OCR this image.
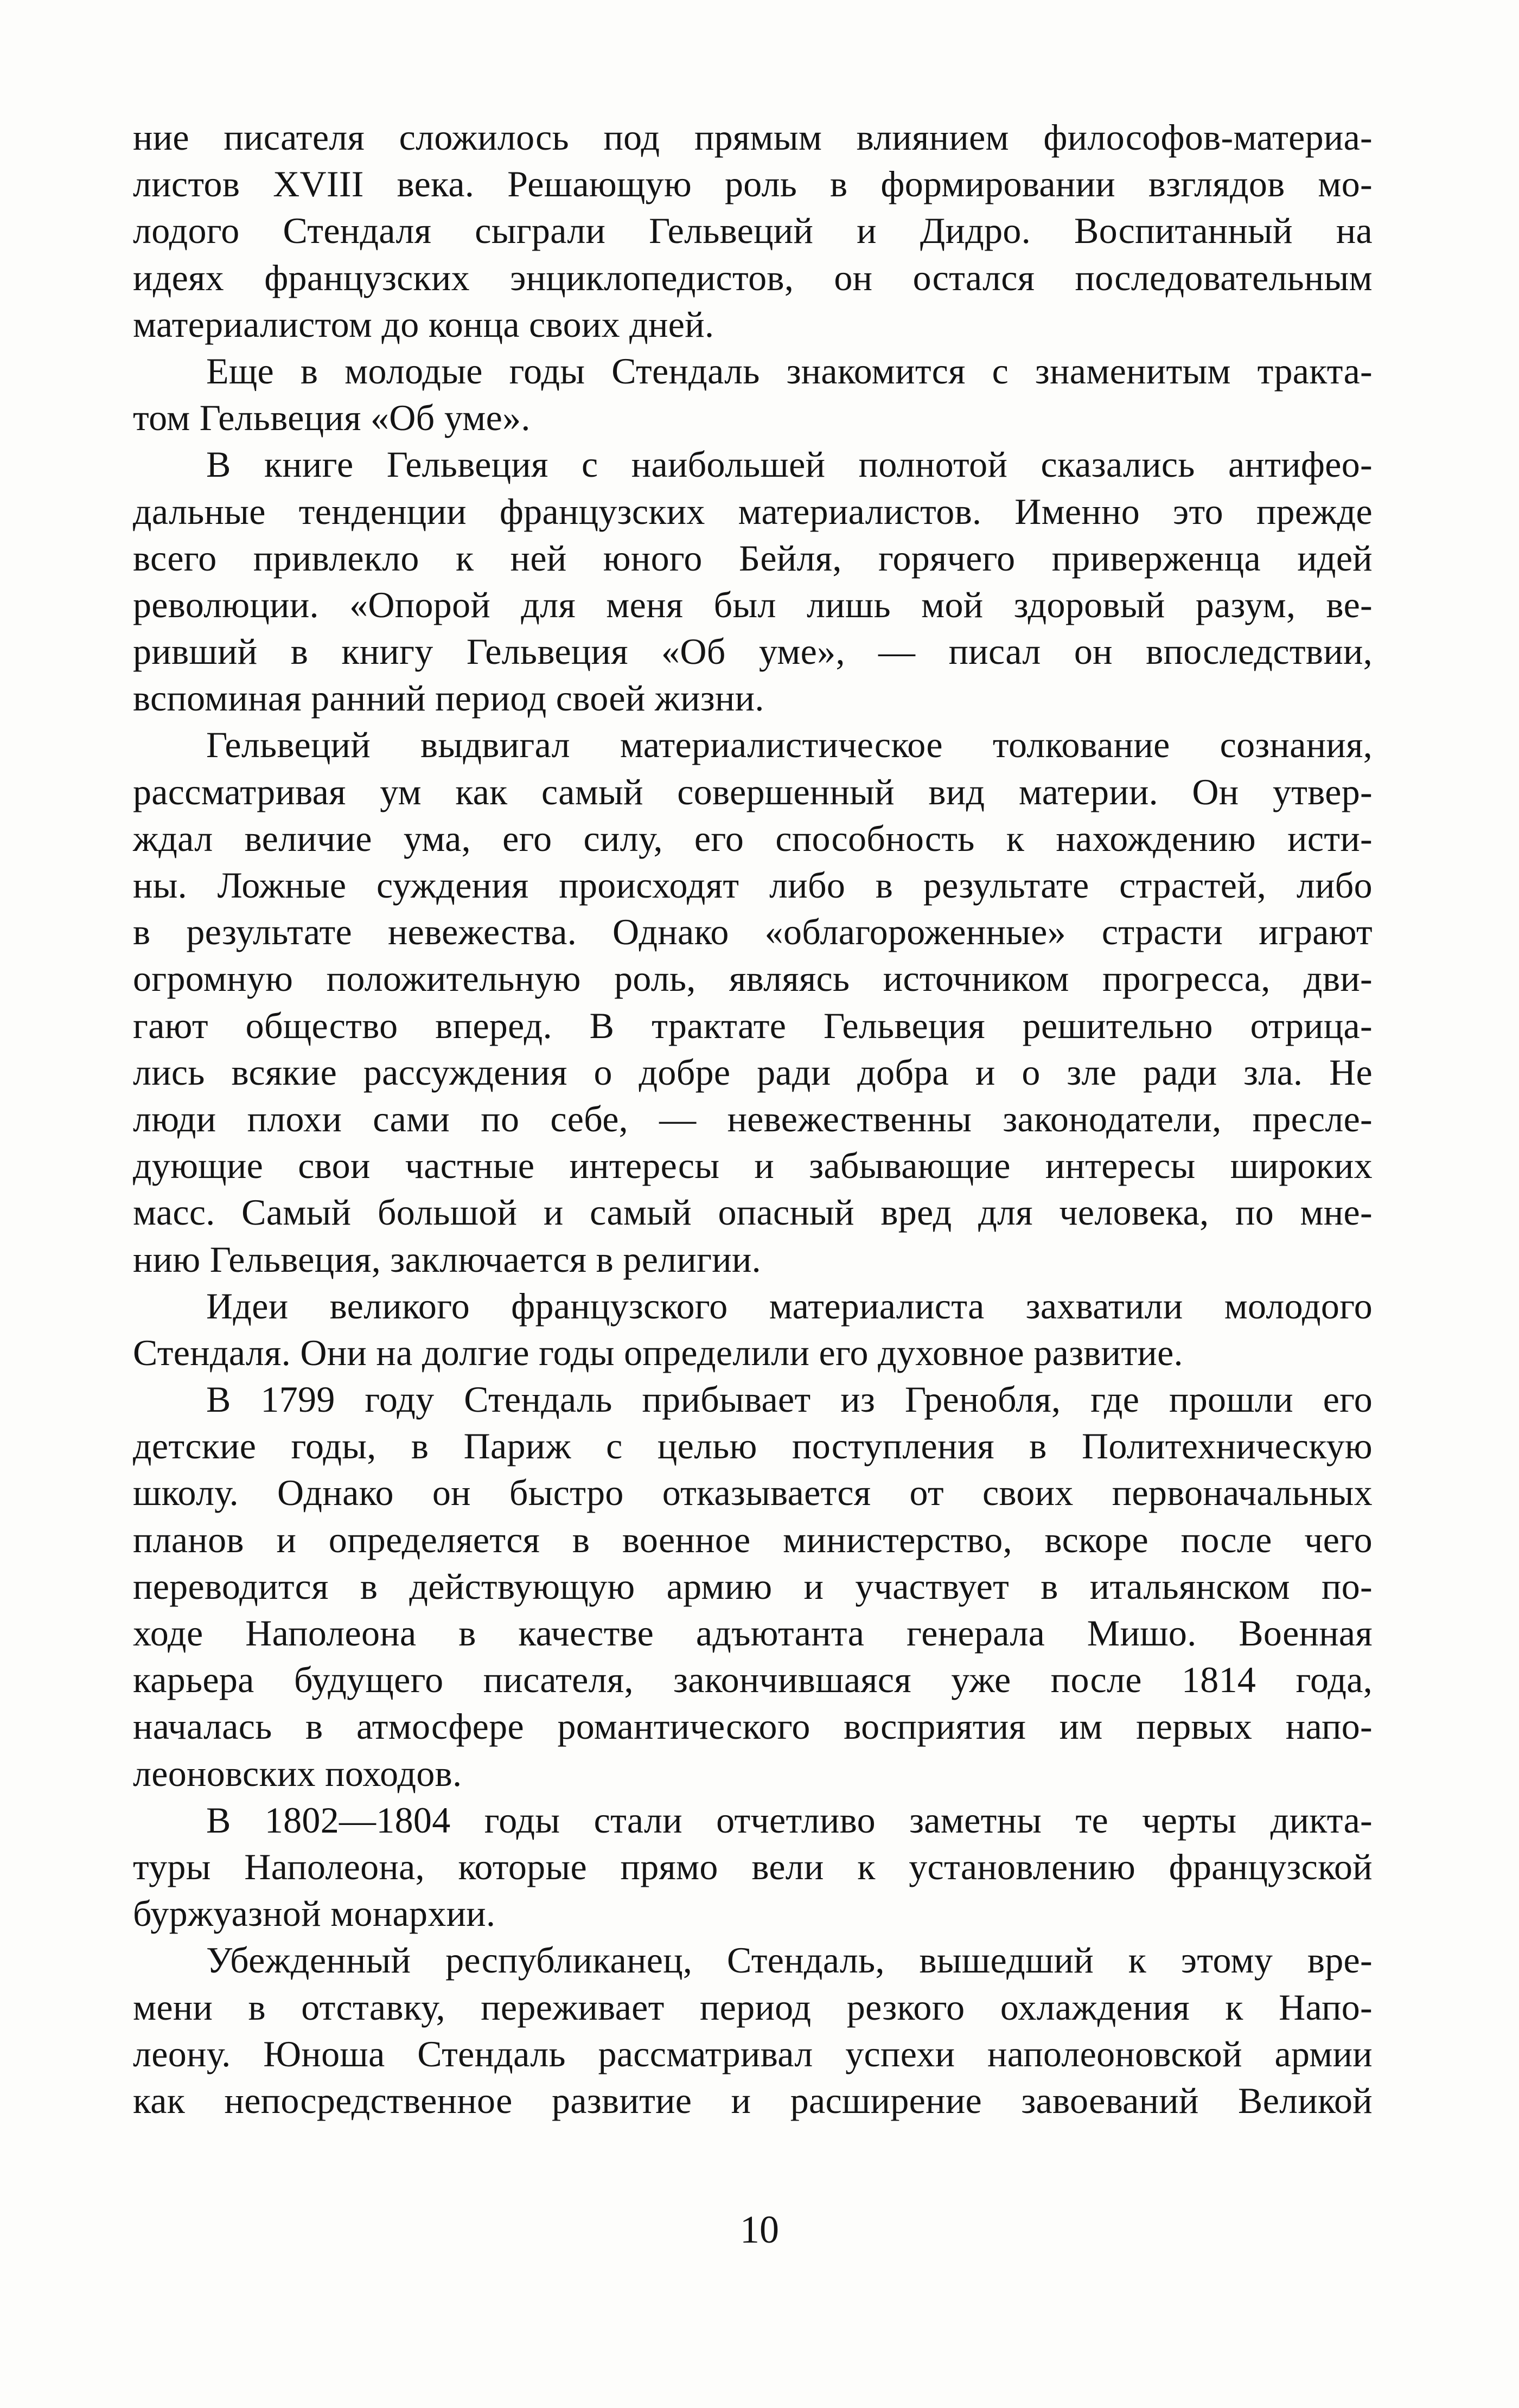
ние писателя сложилось под прямым влиянием философов-материа-
листов XVIII века. Решающую роль в формировании взглядов мо-
лодого Стендаля сыграли Гельвеций и Дидро. Воспитанный на
идеях французских энциклопедистов, он остался последовательным
материалистом до конца своих дней.
Еще в молодые годы Стендаль знакомится с знаменитым тракта-
том Гельвеция «Об уме».
В книге Гельвеция с наибольшей полнотой сказались антифео-
дальные тенденции французских материалистов. Именно это прежде
всего привлекло к ней юного Бейля, горячего приверженца идей
революции. «Опорой для меня был лишь мой здоровый разум, ве-
ривший в книгу Гельвеция «Об уме», — писал он впоследствии,
вспоминая ранний период своей жизни.
Гельвеций выдвигал материалистическое толкование сознания,
рассматривая ум как самый совершенный вид материи. Он утвер-
ждал величие ума, его силу, его способность к нахождению исти-
ны. Ложные суждения происходят либо в результате страстей, либо
в результате невежества. Однако «облагороженные» страсти играют
огромную положительную роль, являясь источником прогресса, дви-
гают общество вперед. В трактате Гельвеция решительно отрица-
лись всякие рассуждения о добре ради добра и о зле ради зла. Не
люди плохи сами по себе, — невежественны законодатели, пресле-
дующие свои частные интересы и забывающие интересы широких
масс. Самый большой и самый опасный вред для человека, по мне-
нию Гельвеция, заключается в религии.
Идеи великого французского материалиста захватили молодого
Стендаля. Они на долгие годы определили его духовное развитие.
В 1799 году Стендаль прибывает из Гренобля, где прошли его
детские годы, в Париж с целью поступления в Политехническую
школу. Однако он быстро отказывается от своих первоначальных
планов и определяется в военное министерство, вскоре после чего
переводится в действующую армию и участвует в итальянском по-
ходе Наполеона в качестве адъютанта генерала Мишо. Военная
карьера будущего писателя, закончившаяся уже после 1814 года,
началась в атмосфере романтического восприятия им первых напо-
леоновских походов.
В 1802—1804 годы стали отчетливо заметны те черты дикта-
туры Наполеона, которые прямо вели к установлению французской
буржуазной монархии.
Убежденный республиканец, Стендаль, вышедший к этому вре-
мени в отставку, переживает период резкого охлаждения к Напо-
леону. Юноша Стендаль рассматривал успехи наполеоновской армии
как непосредственное развитие и расширение завоеваний Великой
10
